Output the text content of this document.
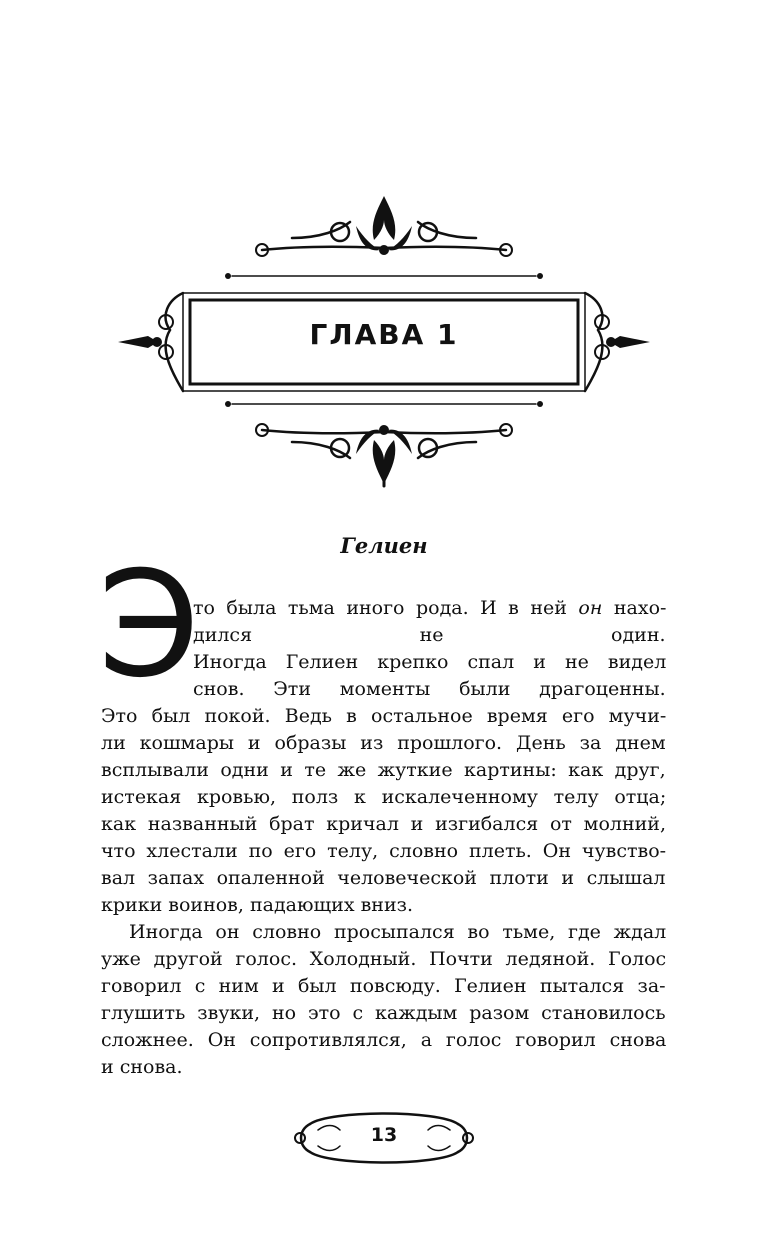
ГЛАВА 1
Гелиен
Э
то была тьма иного рода. И в ней он нахо-
дился не один.
Иногда Гелиен крепко спал и не видел
снов. Эти моменты были драгоценны.
Это был покой. Ведь в остальное время его мучи-
ли кошмары и образы из прошлого. День за днем
всплывали одни и те же жуткие картины: как друг,
истекая кровью, полз к искалеченному телу отца;
как названный брат кричал и изгибался от молний,
что хлестали по его телу, словно плеть. Он чувство-
вал запах опаленной человеческой плоти и слышал
крики воинов, падающих вниз.
Иногда он словно просыпался во тьме, где ждал
уже другой голос. Холодный. Почти ледяной. Голос
говорил с ним и был повсюду. Гелиен пытался за-
глушить звуки, но это с каждым разом становилось
сложнее. Он сопротивлялся, а голос говорил снова
и снова.
13
